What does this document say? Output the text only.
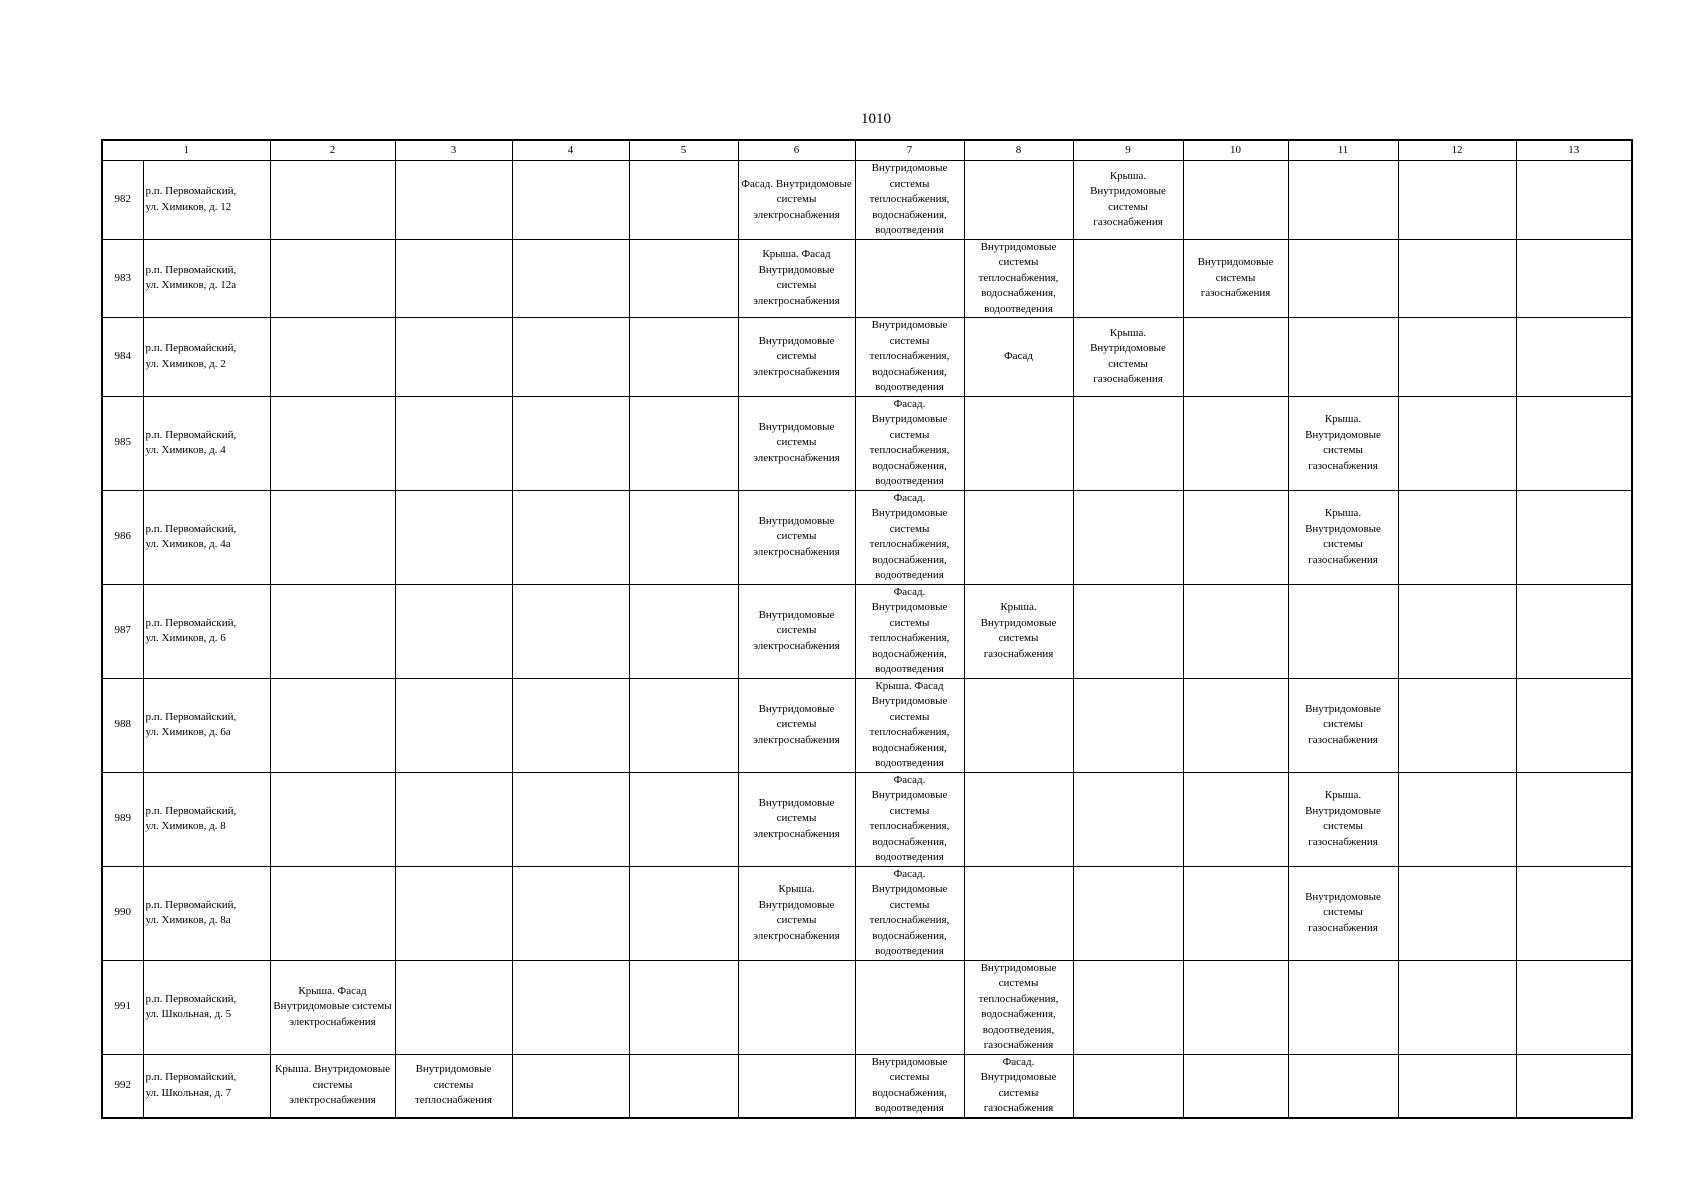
1010
1		2	3	4	5	6	7	8	9	10	11	12	13
982	р.п. Первомайский,
ул. Химиков, д. 12					Фасад. Внутридомовые системы электроснабжения	Внутридомовые системы теплоснабжения, водоснабжения, водоотведения		Крыша. Внутридомовые системы газоснабжения				

983	р.п. Первомайский,
ул. Химиков, д. 12а					Крыша. Фасад Внутридомовые системы электроснабжения		Внутридомовые системы теплоснабжения, водоснабжения, водоотведения		Внутридомовые системы газоснабжения			

984	р.п. Первомайский,
ул. Химиков, д. 2					Внутридомовые системы электроснабжения	Внутридомовые системы теплоснабжения, водоснабжения, водоотведения	Фасад	Крыша. Внутридомовые системы газоснабжения				

985	р.п. Первомайский,
ул. Химиков, д. 4					Внутридомовые системы электроснабжения	Фасад. Внутридомовые системы теплоснабжения, водоснабжения, водоотведения				Крыша. Внутридомовые системы газоснабжения		

986	р.п. Первомайский,
ул. Химиков, д. 4а					Внутридомовые системы электроснабжения	Фасад. Внутридомовые системы теплоснабжения, водоснабжения, водоотведения				Крыша. Внутридомовые системы газоснабжения		

987	р.п. Первомайский,
ул. Химиков, д. 6					Внутридомовые системы электроснабжения	Фасад. Внутридомовые системы теплоснабжения, водоснабжения, водоотведения	Крыша. Внутридомовые системы газоснабжения					

988	р.п. Первомайский,
ул. Химиков, д. 6а					Внутридомовые системы электроснабжения	Крыша. Фасад Внутридомовые системы теплоснабжения, водоснабжения, водоотведения				Внутридомовые системы газоснабжения		

989	р.п. Первомайский,
ул. Химиков, д. 8					Внутридомовые системы электроснабжения	Фасад. Внутридомовые системы теплоснабжения, водоснабжения, водоотведения				Крыша. Внутридомовые системы газоснабжения		

990	р.п. Первомайский,
ул. Химиков, д. 8а					Крыша. Внутридомовые системы электроснабжения	Фасад. Внутридомовые системы теплоснабжения, водоснабжения, водоотведения				Внутридомовые системы газоснабжения		

991	р.п. Первомайский,
ул. Школьная, д. 5	Крыша. Фасад Внутридомовые системы электроснабжения						Внутридомовые системы теплоснабжения, водоснабжения, водоотведения, газоснабжения					

992	р.п. Первомайский,
ул. Школьная, д. 7	Крыша. Внутридомовые системы электроснабжения	Внутридомовые системы теплоснабжения				Внутридомовые системы водоснабжения, водоотведения	Фасад. Внутридомовые системы газоснабжения					
